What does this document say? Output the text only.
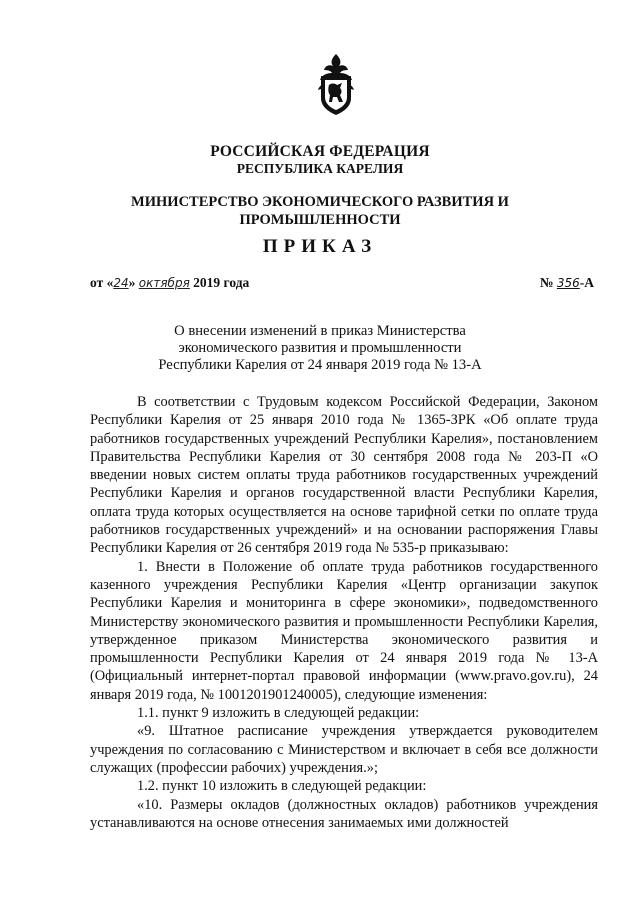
РОССИЙСКАЯ ФЕДЕРАЦИЯ
РЕСПУБЛИКА КАРЕЛИЯ
МИНИСТЕРСТВО ЭКОНОМИЧЕСКОГО РАЗВИТИЯ И
ПРОМЫШЛЕННОСТИ
ПРИКАЗ
от «24» октября 2019 года	№ 356-А
О внесении изменений в приказ Министерства
экономического развития и промышленности
Республики Карелия от 24 января 2019 года № 13-А

В соответствии с Трудовым кодексом Российской Федерации, Законом Республики Карелия от 25 января 2010 года № 1365-ЗРК «Об оплате труда работников государственных учреждений Республики Карелия», постановлением Правительства Республики Карелия от 30 сентября 2008 года № 203-П «О введении новых систем оплаты труда работников государственных учреждений Республики Карелия и органов государственной власти Республики Карелия, оплата труда которых осуществляется на основе тарифной сетки по оплате труда работников государственных учреждений» и на основании распоряжения Главы Республики Карелия от 26 сентября 2019 года № 535-р приказываю:

1. Внести в Положение об оплате труда работников государственного казенного учреждения Республики Карелия «Центр организации закупок Республики Карелия и мониторинга в сфере экономики», подведомственного Министерству экономического развития и промышленности Республики Карелия, утвержденное приказом Министерства экономического развития и промышленности Республики Карелия от 24 января 2019 года № 13-А (Официальный интернет-портал правовой информации (www.pravo.gov.ru), 24 января 2019 года, № 1001201901240005), следующие изменения:

1.1. пункт 9 изложить в следующей редакции:

«9. Штатное расписание учреждения утверждается руководителем учреждения по согласованию с Министерством и включает в себя все должности служащих (профессии рабочих) учреждения.»;

1.2. пункт 10 изложить в следующей редакции:

«10. Размеры окладов (должностных окладов) работников учреждения устанавливаются на основе отнесения занимаемых ими должностей
